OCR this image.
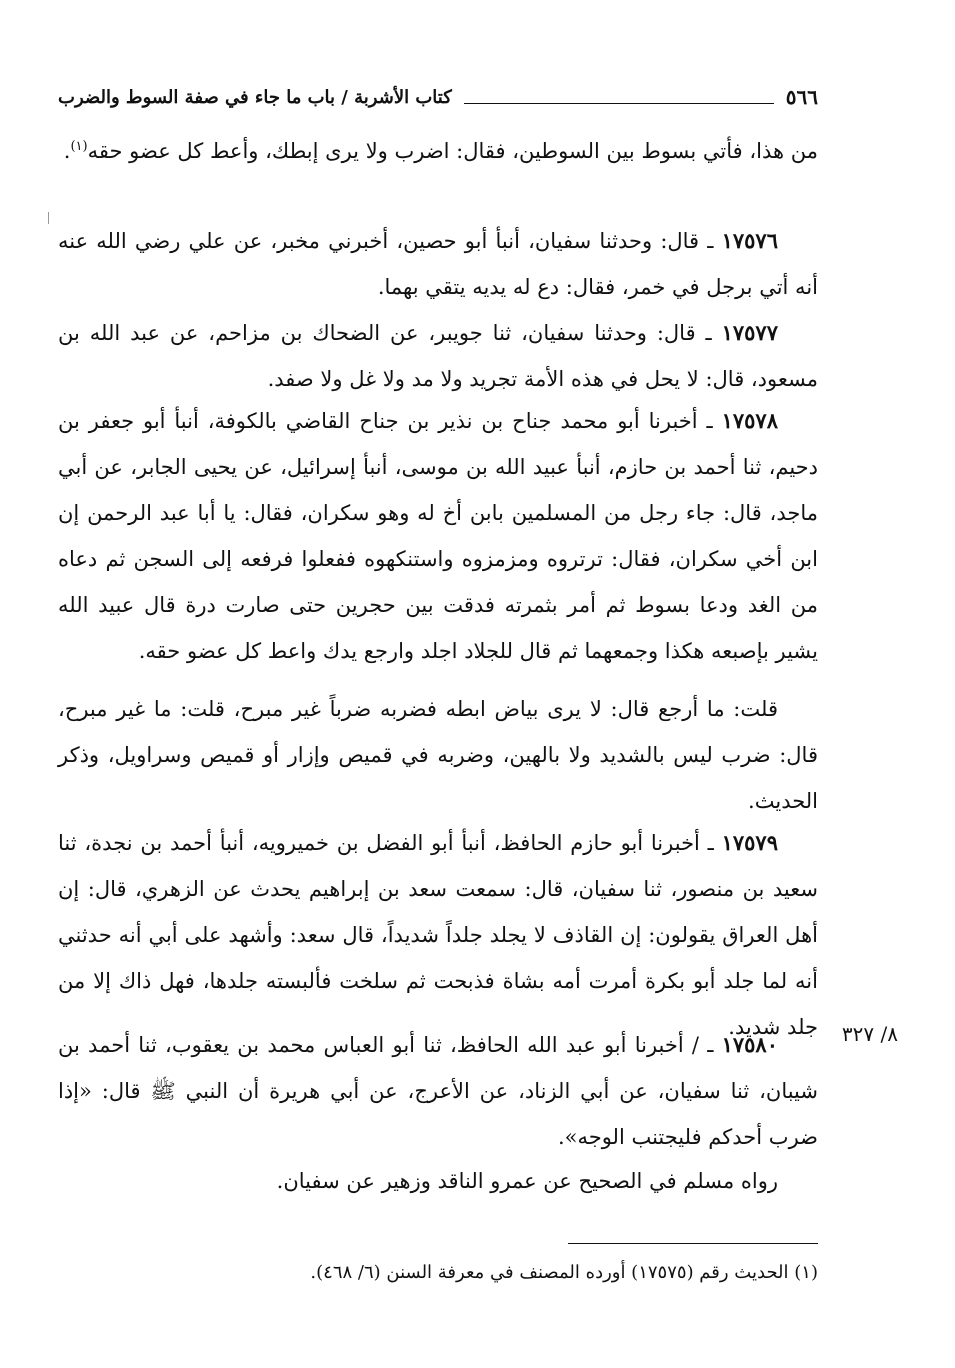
٥٦٦
كتاب الأشربة / باب ما جاء في صفة السوط والضرب

من هذا، فأتي بسوط بين السوطين، فقال: اضرب ولا يرى إبطك، وأعط كل عضو حقه$^{(١)}$.

١٧٥٧٦ ـ قال: وحدثنا سفيان، أنبأ أبو حصين، أخبرني مخبر، عن علي رضي الله عنه أنه أتي برجل في خمر، فقال: دع له يديه يتقي بهما.

١٧٥٧٧ ـ قال: وحدثنا سفيان، ثنا جويبر، عن الضحاك بن مزاحم، عن عبد الله بن مسعود، قال: لا يحل في هذه الأمة تجريد ولا مد ولا غل ولا صفد.

١٧٥٧٨ ـ أخبرنا أبو محمد جناح بن نذير بن جناح القاضي بالكوفة، أنبأ أبو جعفر بن دحيم، ثنا أحمد بن حازم، أنبأ عبيد الله بن موسى، أنبأ إسرائيل، عن يحيى الجابر، عن أبي ماجد، قال: جاء رجل من المسلمين بابن أخ له وهو سكران، فقال: يا أبا عبد الرحمن إن ابن أخي سكران، فقال: ترتروه ومزمزوه واستنكهوه ففعلوا فرفعه إلى السجن ثم دعاه من الغد ودعا بسوط ثم أمر بثمرته فدقت بين حجرين حتى صارت درة قال عبيد الله يشير بإصبعه هكذا وجمعهما ثم قال للجلاد اجلد وارجع يدك واعط كل عضو حقه.

قلت: ما أرجع قال: لا يرى بياض ابطه فضربه ضرباً غير مبرح، قلت: ما غير مبرح، قال: ضرب ليس بالشديد ولا بالهين، وضربه في قميص وإزار أو قميص وسراويل، وذكر الحديث.

١٧٥٧٩ ـ أخبرنا أبو حازم الحافظ، أنبأ أبو الفضل بن خميرويه، أنبأ أحمد بن نجدة، ثنا سعيد بن منصور، ثنا سفيان، قال: سمعت سعد بن إبراهيم يحدث عن الزهري، قال: إن أهل العراق يقولون: إن القاذف لا يجلد جلداً شديداً، قال سعد: وأشهد على أبي أنه حدثني أنه لما جلد أبو بكرة أمرت أمه بشاة فذبحت ثم سلخت فألبسته جلدها، فهل ذاك إلا من جلد شديد.	٨/ ٣٢٧

١٧٥٨٠ ـ / أخبرنا أبو عبد الله الحافظ، ثنا أبو العباس محمد بن يعقوب، ثنا أحمد بن شيبان، ثنا سفيان، عن أبي الزناد، عن الأعرج، عن أبي هريرة أن النبي ﷺ قال: «إذا ضرب أحدكم فليجتنب الوجه».

رواه مسلم في الصحيح عن عمرو الناقد وزهير عن سفيان.

(١) الحديث رقم (١٧٥٧٥) أورده المصنف في معرفة السنن (٦/ ٤٦٨).
